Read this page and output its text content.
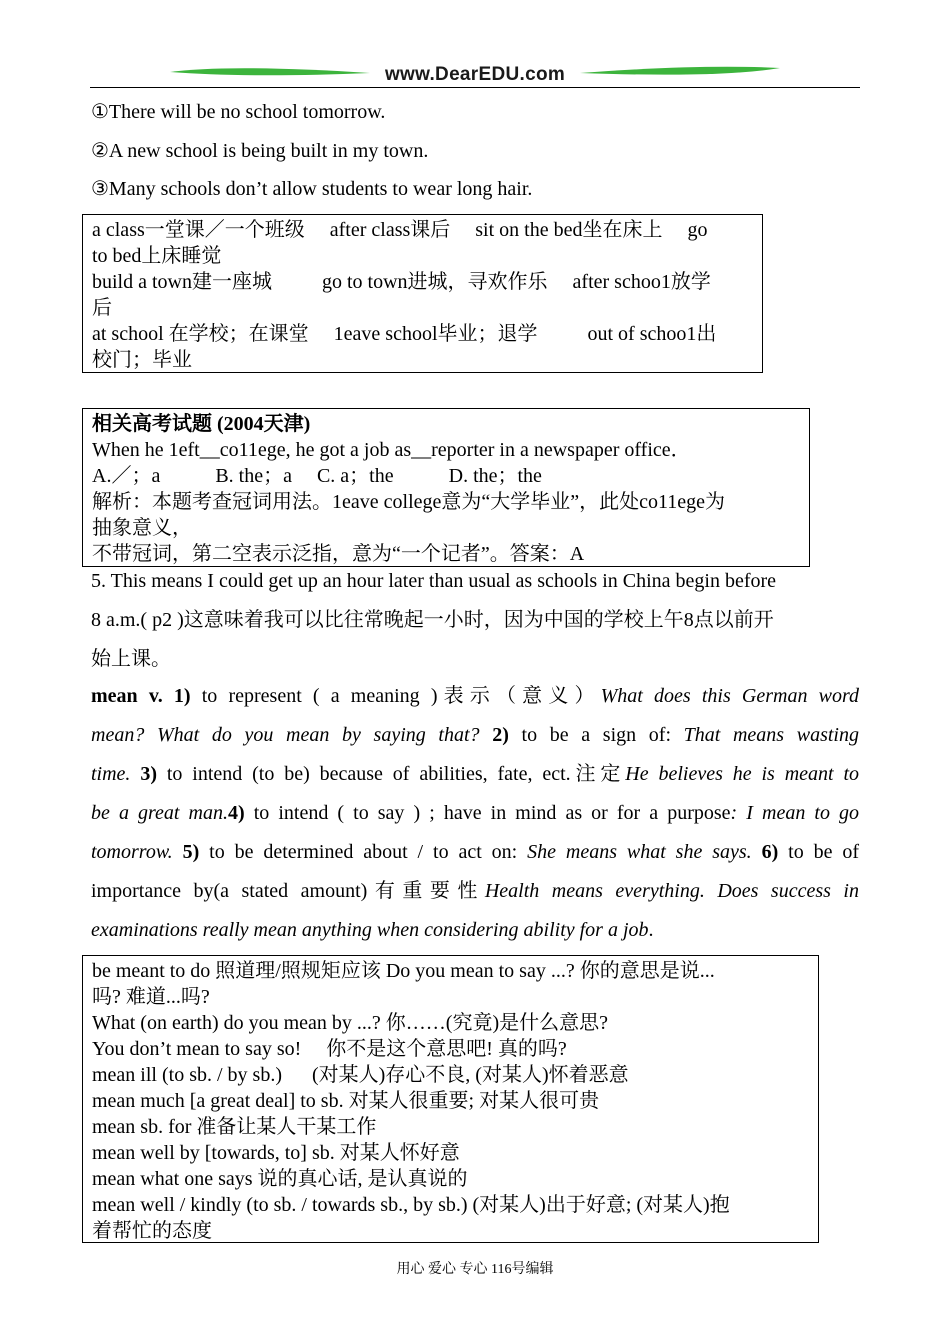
www.DearEDU.com
①There will be no school tomorrow.
②A new school is being built in my town.
③Many schools don’t allow students to wear long hair.
a class一堂课／一个班级 　after class课后 　sit on the bed坐在床上 　go
to bed上床睡觉
build a town建一座城 　 　go to town进城，寻欢作乐 　after schoo1放学
后
at school 在学校；在课堂 　1eave school毕业；退学 　 　out of schoo1出
校门；毕业
相关高考试题 (2004天津)
When he 1eft__co11ege, he got a job as__reporter in a newspaper office．
A.／；a 　 　 B. the；a 　C. a；the 　 　 D. the；the
解析：本题考查冠词用法。1eave college意为“大学毕业”，此处co11ege为
抽象意义，
不带冠词，第二空表示泛指，意为“一个记者”。答案：A
5. This means I could get up an hour later than usual as schools in China begin before
8 a.m.( p2 )这意味着我可以比往常晚起一小时，因为中国的学校上午8点以前开
始上课。
mean v. 1) to represent ( a meaning )表示（意义）What does this German word
mean? What do you mean by saying that? 2) to be a sign of: That means wasting
time. 3) to intend (to be) because of abilities, fate, ect.注定He believes he is meant to
be a great man.4) to intend ( to say ) ; have in mind as or for a purpose: I mean to go
tomorrow. 5) to be determined about / to act on: She means what she says. 6) to be of
importance by(a stated amount)有重要性Health means everything. Does success in
examinations really mean anything when considering ability for a job.
be meant to do 照道理/照规矩应该 Do you mean to say ...? 你的意思是说...
吗? 难道...吗?
What (on earth) do you mean by ...? 你……(究竟)是什么意思?
You don’t mean to say so! 　你不是这个意思吧! 真的吗?
mean ill (to sb. / by sb.) 　 (对某人)存心不良, (对某人)怀着恶意
mean much [a great deal] to sb. 对某人很重要; 对某人很可贵
mean sb. for 准备让某人干某工作
mean well by [towards, to] sb. 对某人怀好意
mean what one says 说的真心话, 是认真说的
mean well / kindly (to sb. / towards sb., by sb.) (对某人)出于好意; (对某人)抱
着帮忙的态度
用心 爱心 专心 116号编辑
